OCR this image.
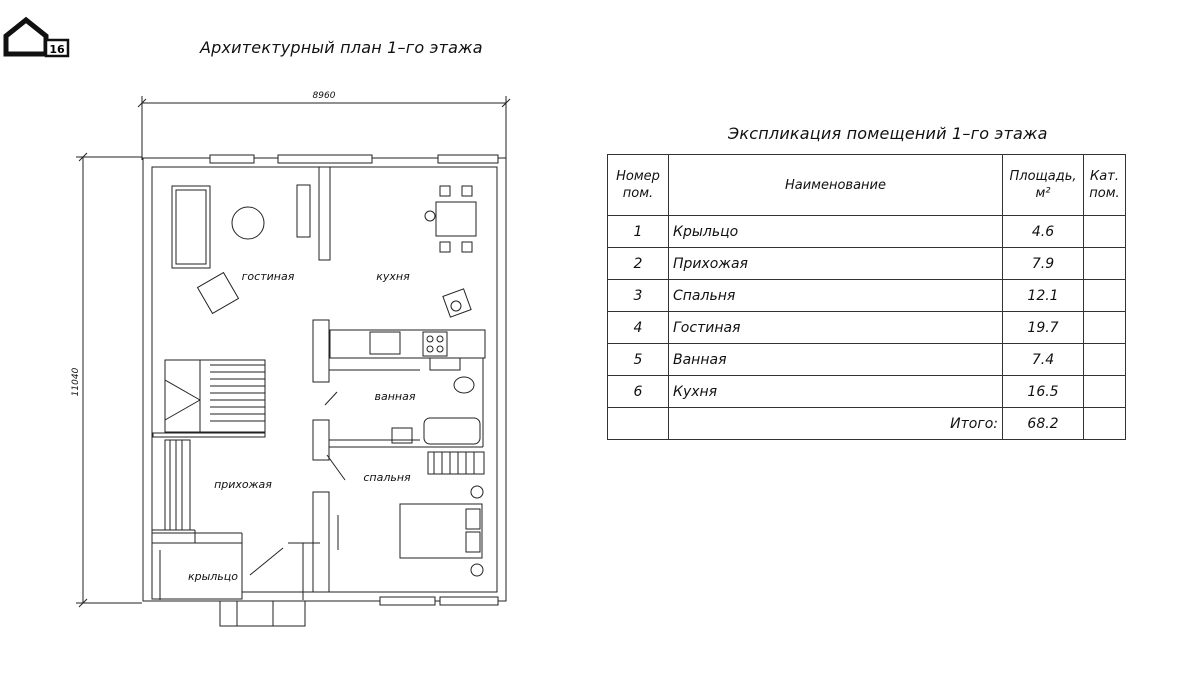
16	Архитектурный план 1–го этажа
Экспликация помещений 1–го этажа
8960
11040
гостиная	кухня
ванная
прихожая
спальня
крыльцо
Номер пом.	Наименование	Площадь, м²	Кат. пом.
1	Крыльцо	4.6	
2	Прихожая	7.9	
3	Спальня	12.1	
4	Гостиная	19.7	
5	Ванная	7.4	
6	Кухня	16.5	
	Итого:	68.2	
